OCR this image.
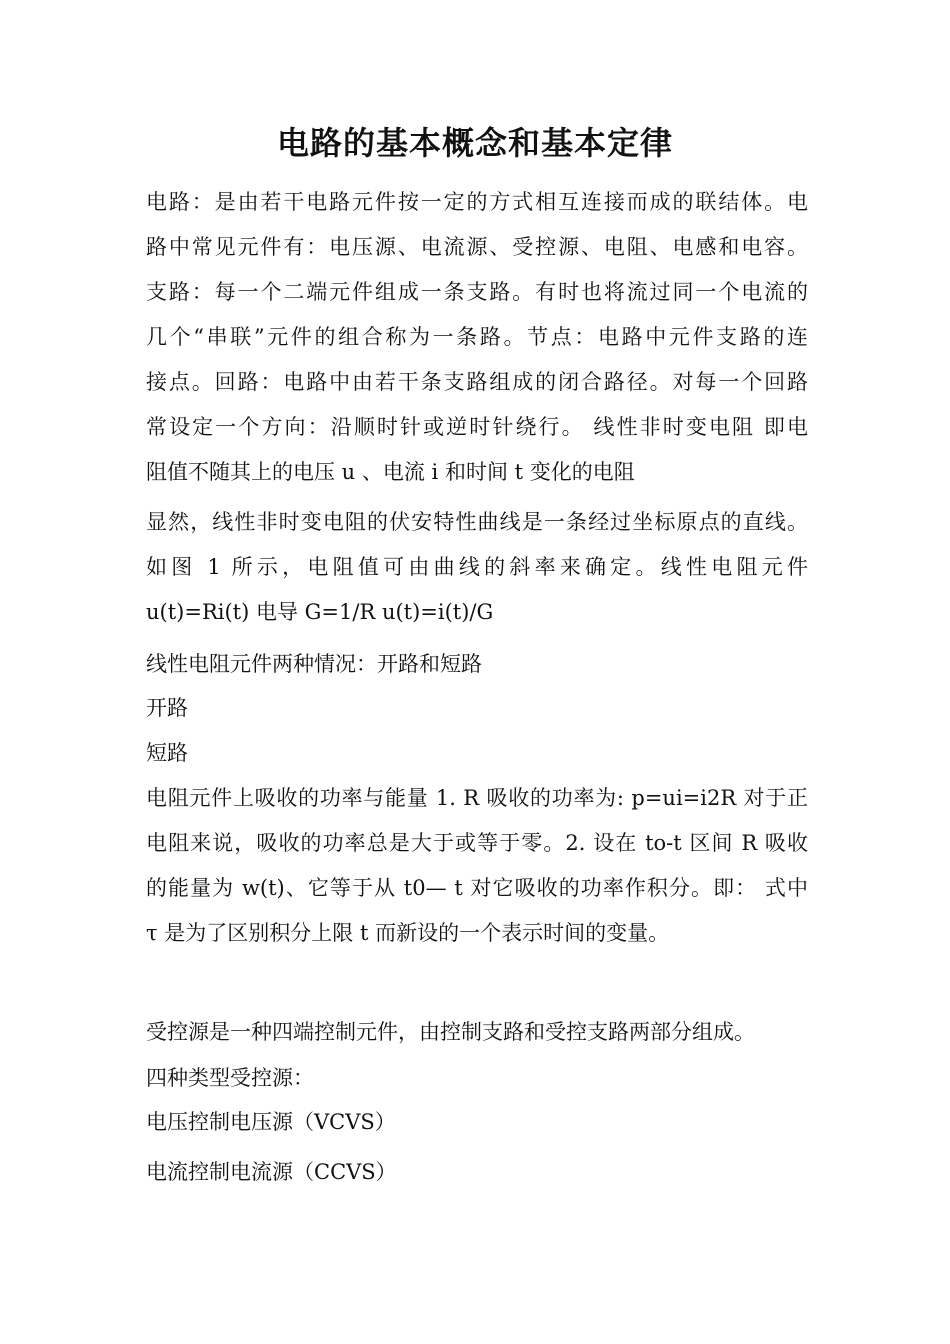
电路的基本概念和基本定律
电路：是由若干电路元件按一定的方式相互连接而成的联结体。电
路中常见元件有：电压源、电流源、受控源、电阻、电感和电容。
支路：每一个二端元件组成一条支路。有时也将流过同一个电流的
几个“串联”元件的组合称为一条路。节点：电路中元件支路的连
接点。回路：电路中由若干条支路组成的闭合路径。对每一个回路
常设定一个方向：沿顺时针或逆时针绕行。 线性非时变电阻 即电
阻值不随其上的电压 u 、电流 i 和时间 t 变化的电阻
显然，线性非时变电阻的伏安特性曲线是一条经过坐标原点的直线。
如图 1 所示，电阻值可由曲线的斜率来确定。线性电阻元件
u(t)=Ri(t) 电导 G=1/R u(t)=i(t)/G
线性电阻元件两种情况：开路和短路
开路
短路
电阻元件上吸收的功率与能量 1. R 吸收的功率为: p=ui=i2R 对于正
电阻来说，吸收的功率总是大于或等于零。2. 设在 to-t 区间 R 吸收
的能量为 w(t)、它等于从 t0— t 对它吸收的功率作积分。即： 式中
τ 是为了区别积分上限 t 而新设的一个表示时间的变量。
受控源是一种四端控制元件，由控制支路和受控支路两部分组成。
四种类型受控源：
电压控制电压源（VCVS）
电流控制电流源（CCVS）
